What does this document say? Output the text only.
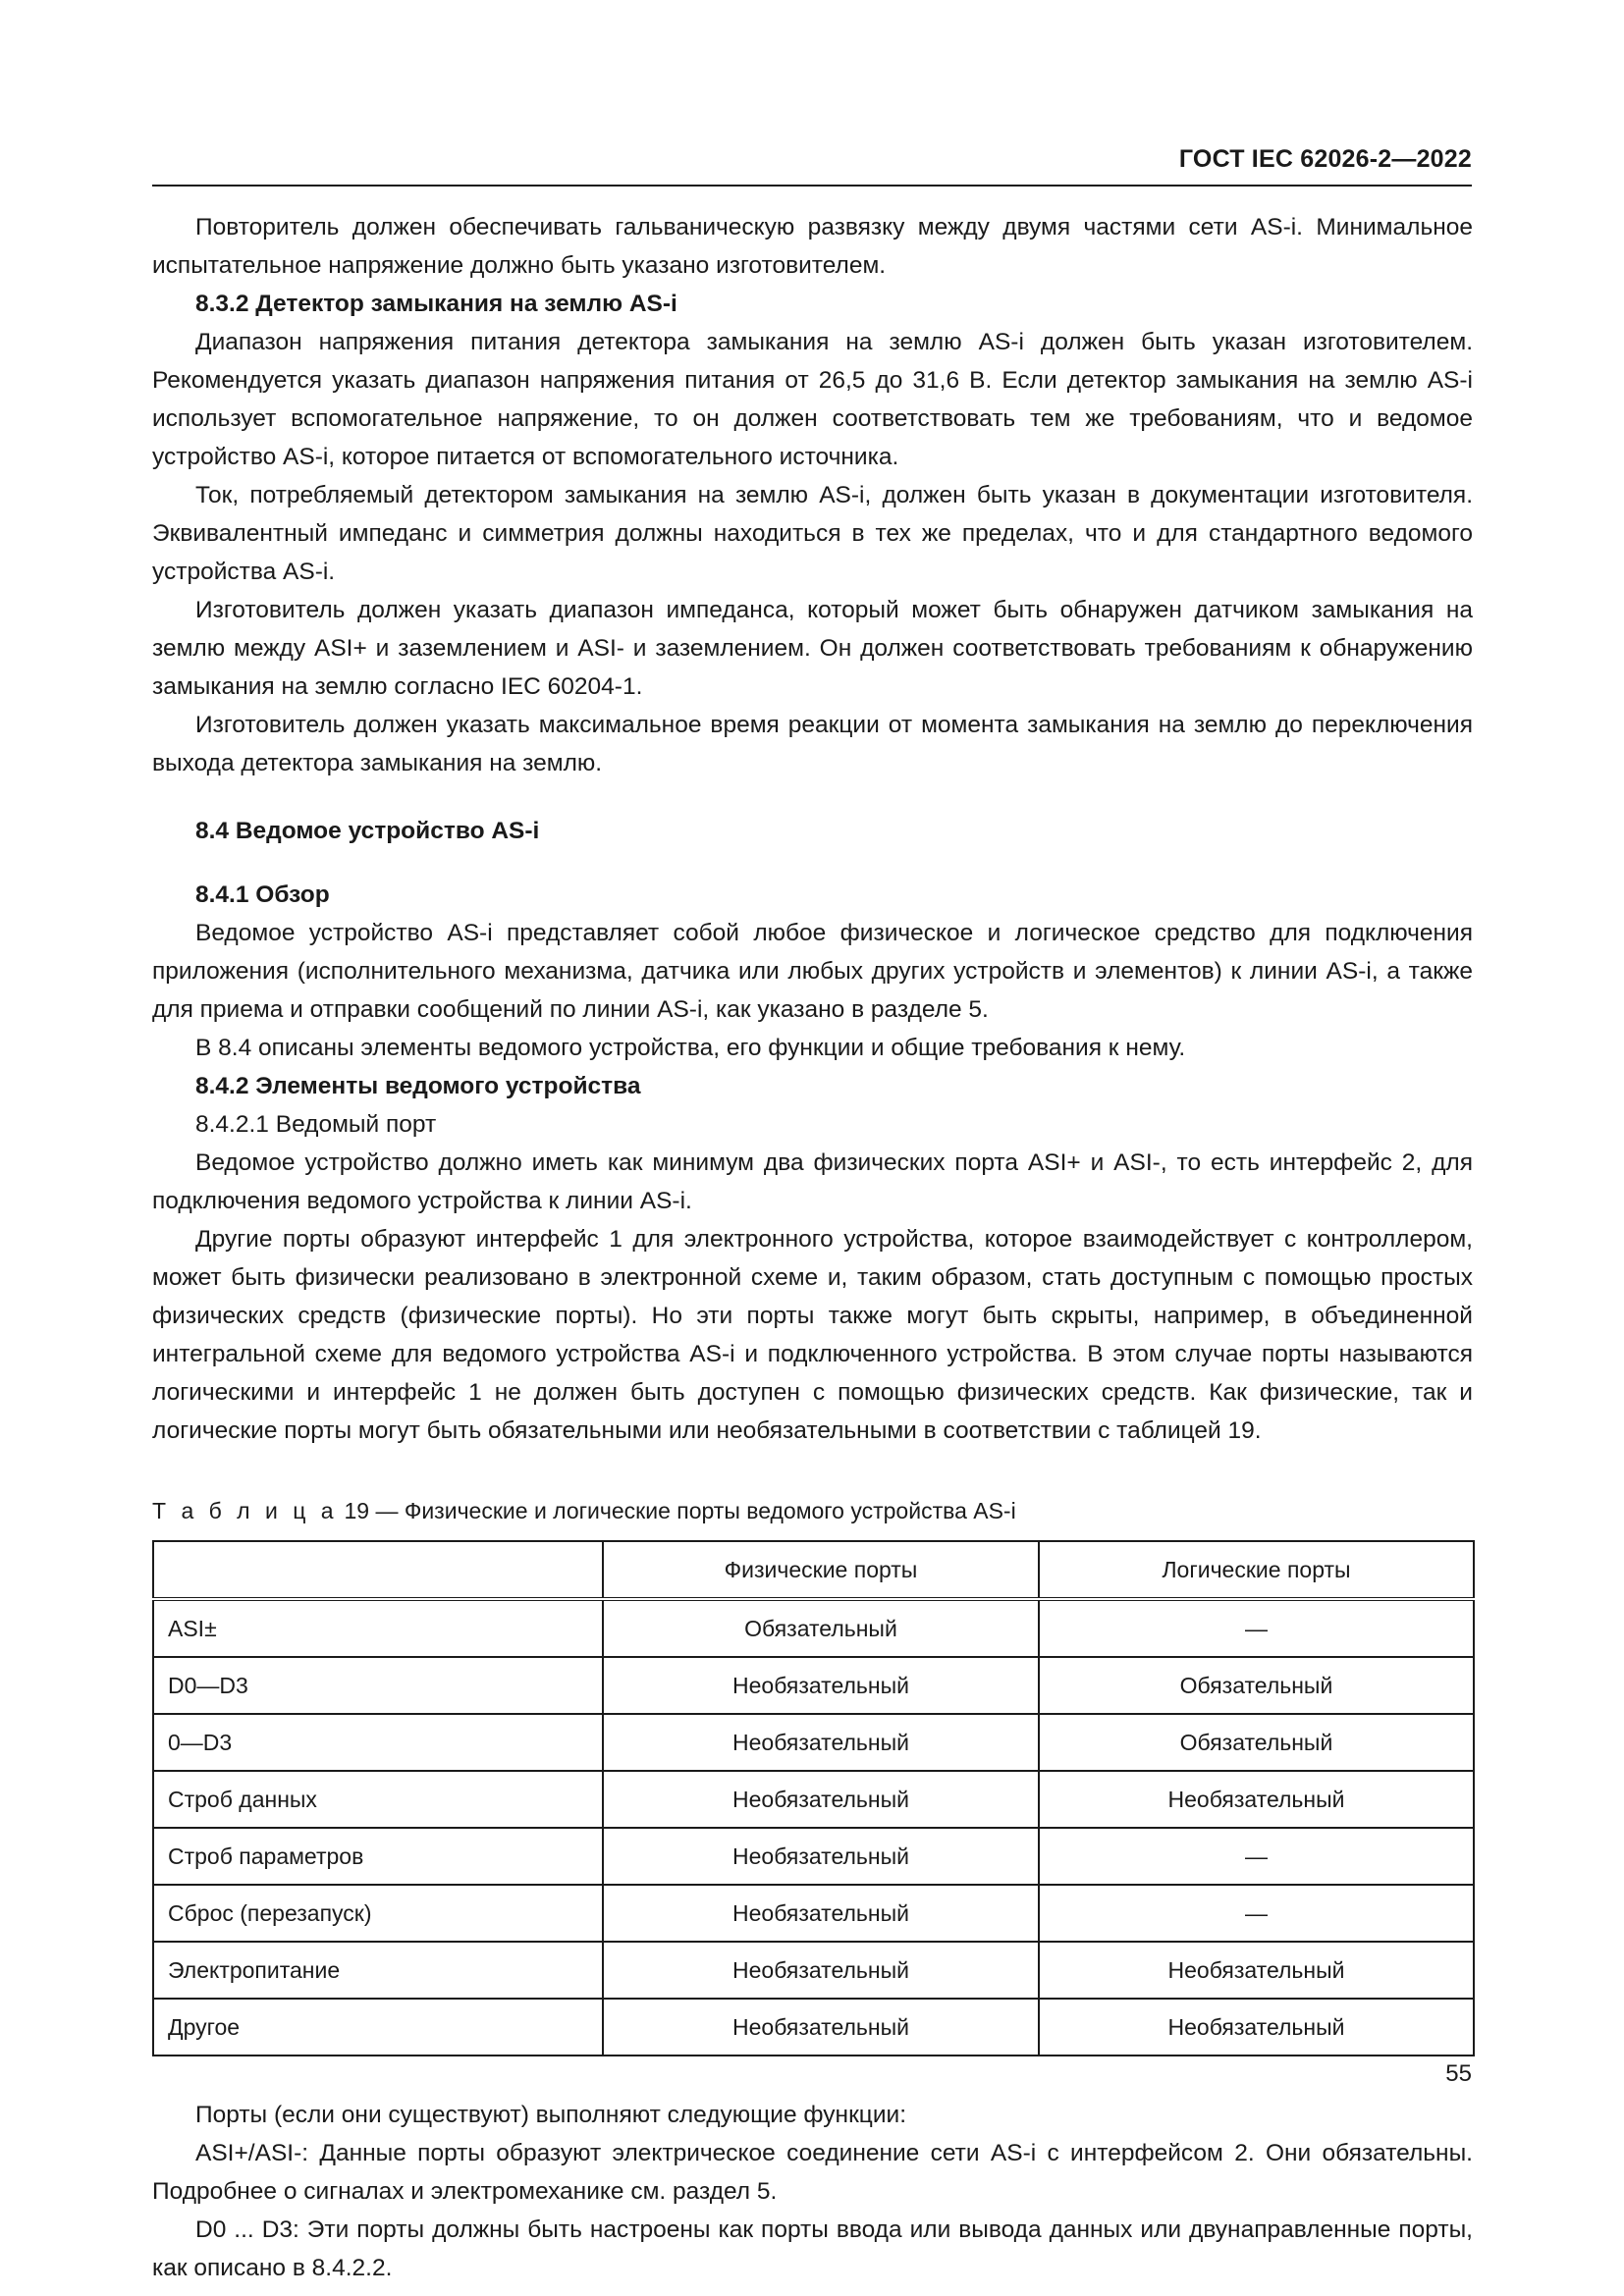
ГОСТ IEC 62026-2—2022

Повторитель должен обеспечивать гальваническую развязку между двумя частями сети AS-i. Минимальное испытательное напряжение должно быть указано изготовителем.

8.3.2 Детектор замыкания на землю AS-i

Диапазон напряжения питания детектора замыкания на землю AS-i должен быть указан изготовителем. Рекомендуется указать диапазон напряжения питания от 26,5 до 31,6 В. Если детектор замыкания на землю AS-i использует вспомогательное напряжение, то он должен соответствовать тем же требованиям, что и ведомое устройство AS-i, которое питается от вспомогательного источника.

Ток, потребляемый детектором замыкания на землю AS-i, должен быть указан в документации изготовителя. Эквивалентный импеданс и симметрия должны находиться в тех же пределах, что и для стандартного ведомого устройства AS-i.

Изготовитель должен указать диапазон импеданса, который может быть обнаружен датчиком замыкания на землю между ASI+ и заземлением и ASI- и заземлением. Он должен соответствовать требованиям к обнаружению замыкания на землю согласно IEC 60204-1.

Изготовитель должен указать максимальное время реакции от момента замыкания на землю до переключения выхода детектора замыкания на землю.

8.4 Ведомое устройство AS-i
8.4.1 Обзор

Ведомое устройство AS-i представляет собой любое физическое и логическое средство для подключения приложения (исполнительного механизма, датчика или любых других устройств и элементов) к линии AS-i, а также для приема и отправки сообщений по линии AS-i, как указано в разделе 5.

В 8.4 описаны элементы ведомого устройства, его функции и общие требования к нему.

8.4.2 Элементы ведомого устройства
8.4.2.1 Ведомый порт

Ведомое устройство должно иметь как минимум два физических порта ASI+ и ASI-, то есть интерфейс 2, для подключения ведомого устройства к линии AS-i.

Другие порты образуют интерфейс 1 для электронного устройства, которое взаимодействует с контроллером, может быть физически реализовано в электронной схеме и, таким образом, стать доступным с помощью простых физических средств (физические порты). Но эти порты также могут быть скрыты, например, в объединенной интегральной схеме для ведомого устройства AS-i и подключенного устройства. В этом случае порты называются логическими и интерфейс 1 не должен быть доступен с помощью физических средств. Как физические, так и логические порты могут быть обязательными или необязательными в соответствии с таблицей 19.

Т а б л и ц а 19 — Физические и логические порты ведомого устройства AS-i
	Физические порты	Логические порты
ASI±	Обязательный	—
D0—D3	Необязательный	Обязательный
0—D3	Необязательный	Обязательный
Строб данных	Необязательный	Необязательный
Строб параметров	Необязательный	—
Сброс (перезапуск)	Необязательный	—
Электропитание	Необязательный	Необязательный
Другое	Необязательный	Необязательный

Порты (если они существуют) выполняют следующие функции:

ASI+/ASI-: Данные порты образуют электрическое соединение сети AS-i с интерфейсом 2. Они обязательны. Подробнее о сигналах и электромеханике см. раздел 5.

D0 ... D3: Эти порты должны быть настроены как порты ввода или вывода данных или двунаправленные порты, как описано в 8.4.2.2.

55
